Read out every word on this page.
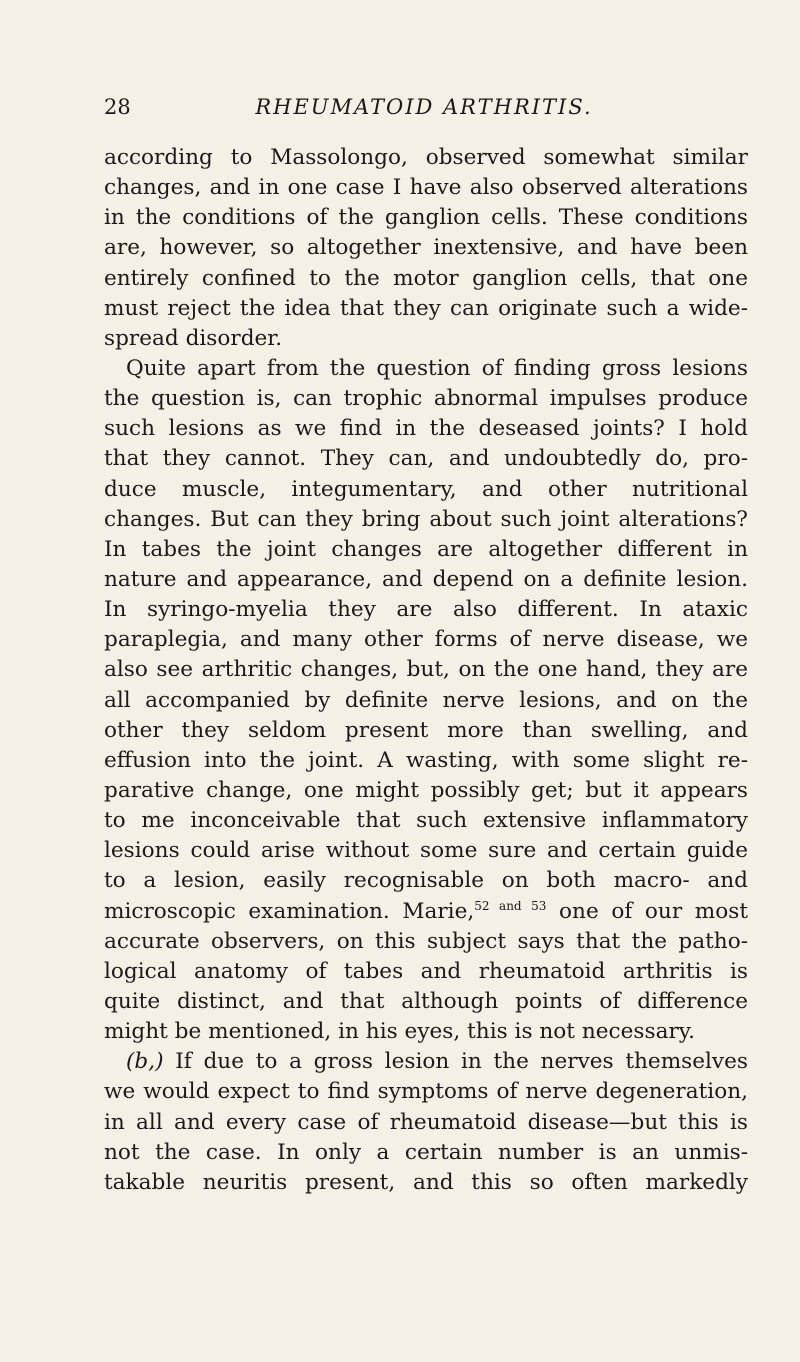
28	RHEUMATOID ARTHRITIS.
according to Massolongo, observed somewhat similar
changes, and in one case I have also observed alterations
in the conditions of the ganglion cells. These conditions
are, however, so altogether inextensive, and have been
entirely confined to the motor ganglion cells, that one
must reject the idea that they can originate such a wide-
spread disorder.
Quite apart from the question of finding gross lesions
the question is, can trophic abnormal impulses produce
such lesions as we find in the deseased joints? I hold
that they cannot. They can, and undoubtedly do, pro-
duce muscle, integumentary, and other nutritional
changes. But can they bring about such joint alterations?
In tabes the joint changes are altogether different in
nature and appearance, and depend on a definite lesion.
In syringo-myelia they are also different. In ataxic
paraplegia, and many other forms of nerve disease, we
also see arthritic changes, but, on the one hand, they are
all accompanied by definite nerve lesions, and on the
other they seldom present more than swelling, and
effusion into the joint. A wasting, with some slight re-
parative change, one might possibly get; but it appears
to me inconceivable that such extensive inflammatory
lesions could arise without some sure and certain guide
to a lesion, easily recognisable on both macro- and
microscopic examination. Marie,$^{52 and 53}$ one of our most
accurate observers, on this subject says that the patho-
logical anatomy of tabes and rheumatoid arthritis is
quite distinct, and that although points of difference
might be mentioned, in his eyes, this is not necessary.
(b,) If due to a gross lesion in the nerves themselves
we would expect to find symptoms of nerve degeneration,
in all and every case of rheumatoid disease—but this is
not the case. In only a certain number is an unmis-
takable neuritis present, and this so often markedly
